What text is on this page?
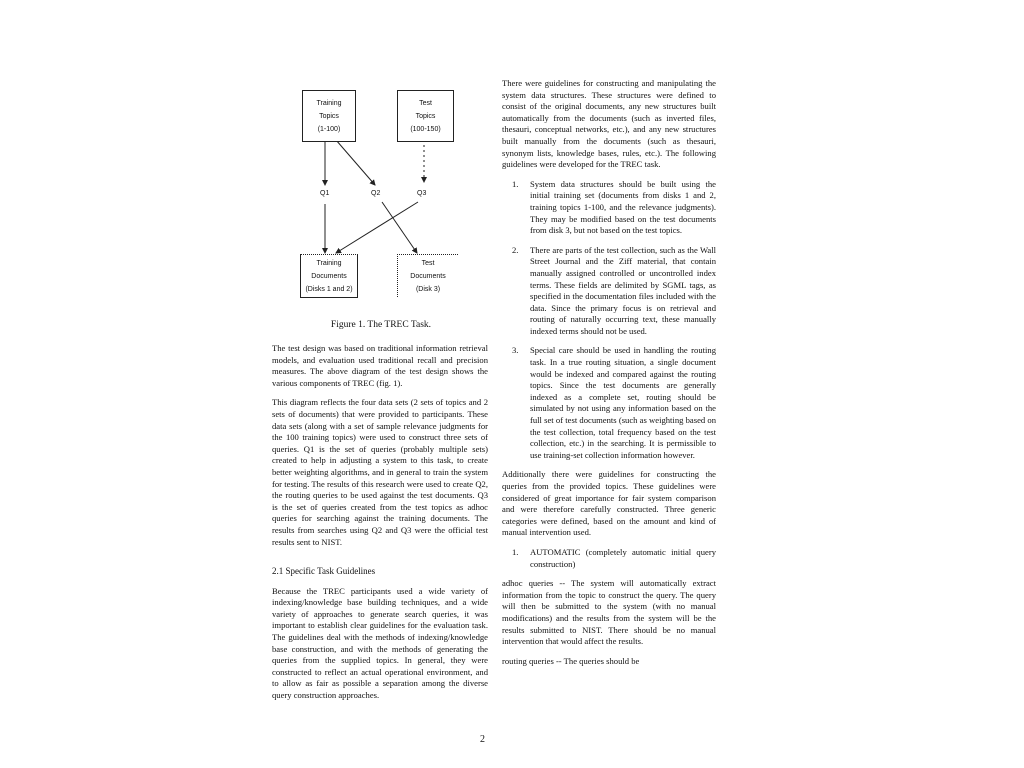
Training
Topics
(1-100)
Test
Topics
(100-150)
Q1	Q2	Q3
Training
Documents
(Disks 1 and 2)
Test
Documents
(Disk 3)
Figure 1. The TREC Task.

The test design was based on traditional information retrieval models, and evaluation used traditional recall and precision measures. The above diagram of the test design shows the various components of TREC (fig. 1).

This diagram reflects the four data sets (2 sets of topics and 2 sets of documents) that were provided to participants. These data sets (along with a set of sample relevance judgments for the 100 training topics) were used to construct three sets of queries. Q1 is the set of queries (probably multiple sets) created to help in adjusting a system to this task, to create better weighting algorithms, and in general to train the system for testing. The results of this research were used to create Q2, the routing queries to be used against the test documents. Q3 is the set of queries created from the test topics as adhoc queries for searching against the training documents. The results from searches using Q2 and Q3 were the official test results sent to NIST.

2.1 Specific Task Guidelines

Because the TREC participants used a wide variety of indexing/knowledge base building techniques, and a wide variety of approaches to generate search queries, it was important to establish clear guidelines for the evaluation task. The guidelines deal with the methods of indexing/knowledge base construction, and with the methods of generating the queries from the supplied topics. In general, they were constructed to reflect an actual operational environment, and to allow as fair as possible a separation among the diverse query construction approaches.

There were guidelines for constructing and manipulating the system data structures. These structures were defined to consist of the original documents, any new structures built automatically from the documents (such as inverted files, thesauri, conceptual networks, etc.), and any new structures built manually from the documents (such as thesauri, synonym lists, knowledge bases, rules, etc.). The following guidelines were developed for the TREC task.

1.	System data structures should be built using the initial training set (documents from disks 1 and 2, training topics 1-100, and the relevance judgments). They may be modified based on the test documents from disk 3, but not based on the test topics.
2.	There are parts of the test collection, such as the Wall Street Journal and the Ziff material, that contain manually assigned controlled or uncontrolled index terms. These fields are delimited by SGML tags, as specified in the documentation files included with the data. Since the primary focus is on retrieval and routing of naturally occurring text, these manually indexed terms should not be used.
3.	Special care should be used in handling the routing task. In a true routing situation, a single document would be indexed and compared against the routing topics. Since the test documents are generally indexed as a complete set, routing should be simulated by not using any information based on the full set of test documents (such as weighting based on the test collection, total frequency based on the test collection, etc.) in the searching. It is permissible to use training-set collection information however.

Additionally there were guidelines for constructing the queries from the provided topics. These guidelines were considered of great importance for fair system comparison and were therefore carefully constructed. Three generic categories were defined, based on the amount and kind of manual intervention used.

1.	AUTOMATIC (completely automatic initial query construction)

adhoc queries -- The system will automatically extract information from the topic to construct the query. The query will then be submitted to the system (with no manual modifications) and the results from the system will be the results submitted to NIST. There should be no manual intervention that would affect the results.

routing queries -- The queries should be

2
